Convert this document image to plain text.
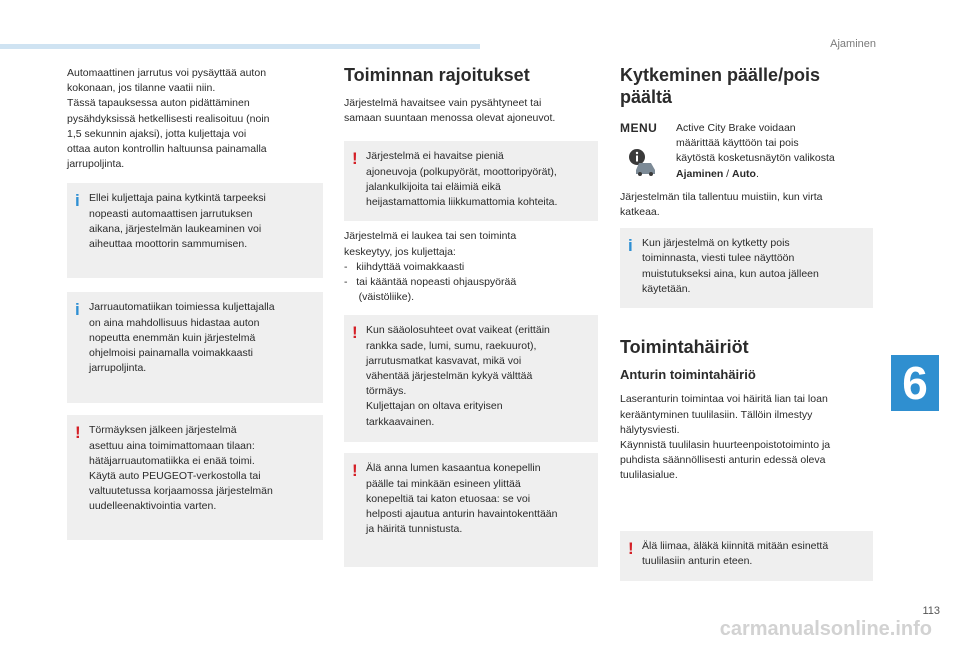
Ajaminen

Automaattinen jarrutus voi pysäyttää auton

kokonaan, jos tilanne vaatii niin.

Tässä tapauksessa auton pidättäminen

pysähdyksissä hetkellisesti realisoituu (noin

1,5 sekunnin ajaksi), jotta kuljettaja voi

ottaa auton kontrollin haltuunsa painamalla

jarrupoljinta.

i Ellei kuljettaja paina kytkintä tarpeeksi

nopeasti automaattisen jarrutuksen

aikana, järjestelmän laukeaminen voi

aiheuttaa moottorin sammumisen.

i Jarruautomatiikan toimiessa kuljettajalla

on aina mahdollisuus hidastaa auton

nopeutta enemmän kuin järjestelmä

ohjelmoisi painamalla voimakkaasti

jarrupoljinta.

! Törmäyksen jälkeen järjestelmä

asettuu aina toimimattomaan tilaan:

hätäjarruautomatiikka ei enää toimi.

Käytä auto PEUGEOT-verkostolla tai

valtuutetussa korjaamossa järjestelmän

uudelleenaktivointia varten.

Toiminnan rajoitukset

Järjestelmä havaitsee vain pysähtyneet tai

samaan suuntaan menossa olevat ajoneuvot.

! Järjestelmä ei havaitse pieniä

ajoneuvoja (polkupyörät, moottoripyörät),

jalankulkijoita tai eläimiä eikä

heijastamattomia liikkumattomia kohteita.

Järjestelmä ei laukea tai sen toiminta

keskeytyy, jos kuljettaja:

-   kiihdyttää voimakkaasti

-   tai kääntää nopeasti ohjauspyörää

(väistöliike).

! Kun sääolosuhteet ovat vaikeat (erittäin

rankka sade, lumi, sumu, raekuurot),

jarrutusmatkat kasvavat, mikä voi

vähentää järjestelmän kykyä välttää

törmäys.

Kuljettajan on oltava erityisen

tarkkaavainen.

! Älä anna lumen kasaantua konepellin

päälle tai minkään esineen ylittää

konepeltiä tai katon etuosaa: se voi

helposti ajautua anturin havaintokenttään

ja häiritä tunnistusta.

Kytkeminen päälle/pois päältä
MENU	Active City Brake voidaan

määrittää käyttöön tai pois

käytöstä kosketusnäytön valikosta

Ajaminen / Auto.

Järjestelmän tila tallentuu muistiin, kun virta

katkeaa.

i Kun järjestelmä on kytketty pois

toiminnasta, viesti tulee näyttöön

muistutukseksi aina, kun autoa jälleen

käytetään.

Toimintahäiriöt
Anturin toimintahäiriö

Laseranturin toimintaa voi häiritä lian tai loan

kerääntyminen tuulilasiin. Tällöin ilmestyy

hälytysviesti.

Käynnistä tuulilasin huurteenpoistotoiminto ja

puhdista säännöllisesti anturin edessä oleva

tuulilasialue.

! Älä liimaa, äläkä kiinnitä mitään esinettä

tuulilasiin anturin eteen.

6
113
carmanualsonline.info
